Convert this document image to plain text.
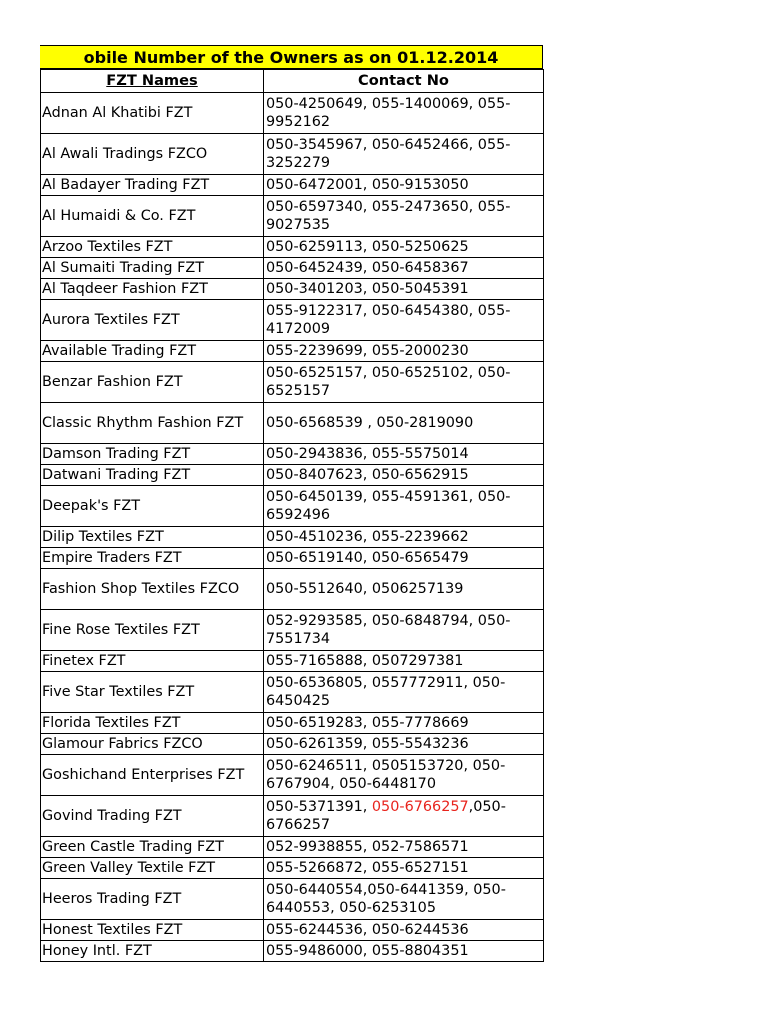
obile Number of the Owners as on 01.12.2014
FZT Names	Contact No
Adnan Al Khatibi FZT	050-4250649, 055-1400069, 055-9952162
Al Awali Tradings FZCO	050-3545967, 050-6452466, 055-3252279
Al Badayer Trading FZT	050-6472001, 050-9153050
Al Humaidi & Co. FZT	050-6597340, 055-2473650, 055-9027535
Arzoo Textiles FZT	050-6259113, 050-5250625
Al Sumaiti Trading FZT	050-6452439, 050-6458367
Al Taqdeer Fashion FZT	050-3401203, 050-5045391
Aurora Textiles FZT	055-9122317, 050-6454380, 055-4172009
Available Trading FZT	055-2239699, 055-2000230
Benzar Fashion FZT	050-6525157, 050-6525102, 050-6525157
Classic Rhythm Fashion FZT	050-6568539 , 050-2819090
Damson Trading FZT	050-2943836, 055-5575014
Datwani Trading FZT	050-8407623, 050-6562915
Deepak's FZT	050-6450139, 055-4591361, 050-6592496
Dilip Textiles FZT	050-4510236, 055-2239662
Empire Traders FZT	050-6519140, 050-6565479
Fashion Shop Textiles FZCO	050-5512640, 0506257139
Fine Rose Textiles FZT	052-9293585, 050-6848794, 050-7551734
Finetex FZT	055-7165888, 0507297381
Five Star Textiles FZT	050-6536805, 0557772911, 050-6450425
Florida Textiles FZT	050-6519283, 055-7778669
Glamour Fabrics FZCO	050-6261359, 055-5543236
Goshichand Enterprises FZT	050-6246511, 0505153720, 050-6767904, 050-6448170
Govind Trading FZT	050-5371391, 050-6766257,050-6766257
Green Castle Trading FZT	052-9938855, 052-7586571
Green Valley Textile FZT	055-5266872, 055-6527151
Heeros Trading FZT	050-6440554,050-6441359, 050-6440553, 050-6253105
Honest Textiles FZT	055-6244536, 050-6244536
Honey Intl. FZT	055-9486000, 055-8804351
